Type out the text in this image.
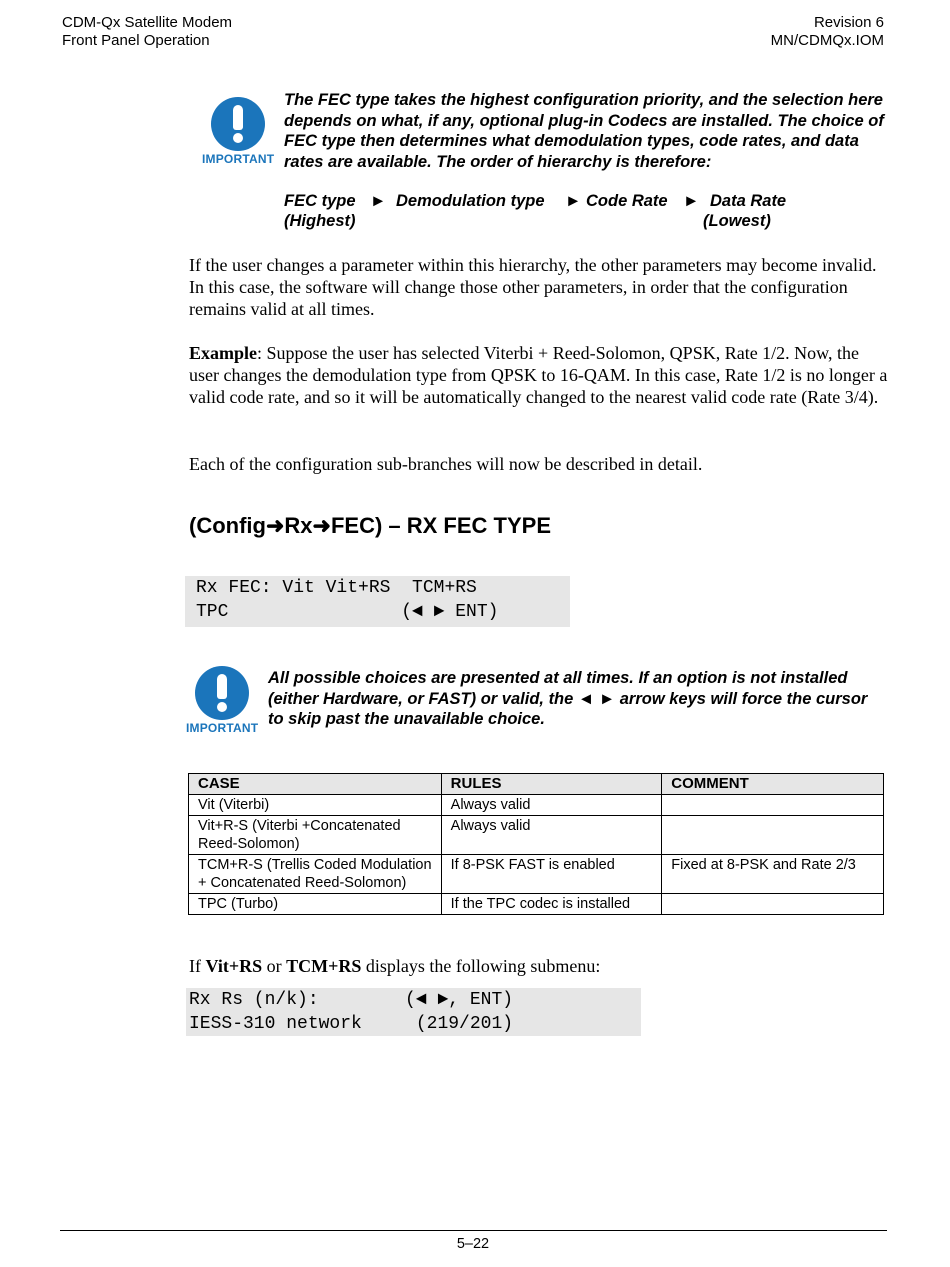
CDM-Qx Satellite Modem
Front Panel Operation
Revision 6
MN/CDMQx.IOM
IMPORTANT
The FEC type takes the highest configuration priority, and the selection here depends on what, if any, optional plug-in Codecs are installed. The choice of FEC type then determines what demodulation types, code rates, and data rates are available. The order of hierarchy is therefore:
FEC type ► Demodulation type ► Code Rate ► Data Rate
(Highest)	(Lowest)
If the user changes a parameter within this hierarchy, the other parameters may become invalid. In this case, the software will change those other parameters, in order that the configuration remains valid at all times.
Example: Suppose the user has selected Viterbi + Reed-Solomon, QPSK, Rate 1/2. Now, the user changes the demodulation type from QPSK to 16-QAM. In this case, Rate 1/2 is no longer a valid code rate, and so it will be automatically changed to the nearest valid code rate (Rate 3/4).
Each of the configuration sub-branches will now be described in detail.
(Config➜Rx➜FEC) – RX FEC TYPE
Rx FEC: Vit Vit+RS  TCM+RS
TPC                (◄ ► ENT)
IMPORTANT
All possible choices are presented at all times. If an option is not installed (either Hardware, or FAST) or valid, the ◄ ► arrow keys will force the cursor to skip past the unavailable choice.
CASE	RULES	COMMENT
Vit (Viterbi)	Always valid	
Vit+R-S (Viterbi +Concatenated Reed-Solomon)	Always valid	
TCM+R-S (Trellis Coded Modulation + Concatenated Reed-Solomon)	If 8-PSK FAST is enabled	Fixed at 8-PSK and Rate 2/3
TPC (Turbo)	If the TPC codec is installed	
If Vit+RS or TCM+RS displays the following submenu:
Rx Rs (n/k):        (◄ ►, ENT)
IESS-310 network     (219/201)
5–22
